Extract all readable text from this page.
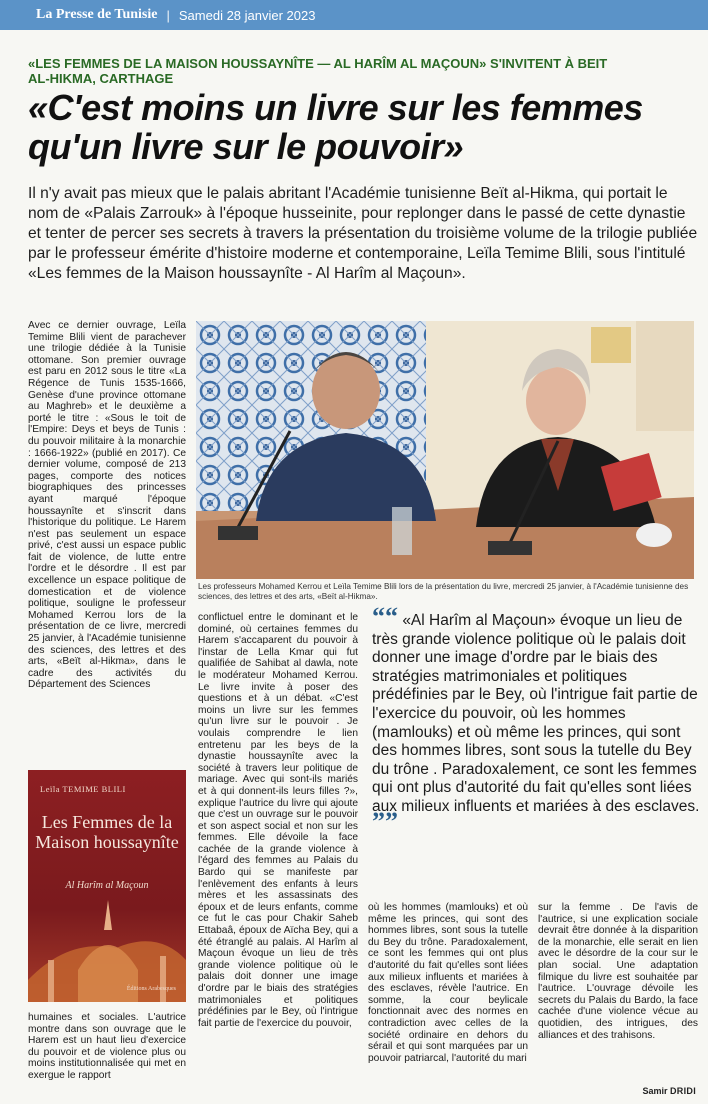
La Presse de Tunisie | Samedi 28 janvier 2023
«LES FEMMES DE LA MAISON HOUSSAYNÎTE — AL HARÎM AL MAÇOUN» S'INVITENT À BEIT AL-HIKMA, CARTHAGE
«C'est moins un livre sur les femmes qu'un livre sur le pouvoir»

Il n'y avait pas mieux que le palais abritant l'Académie tunisienne Beït al-Hikma, qui portait le nom de «Palais Zarrouk» à l'époque husseinite, pour replonger dans le passé de cette dynastie et tenter de percer ses secrets à travers la présentation du troisième volume de la trilogie publiée par le professeur émérite d'histoire moderne et contemporaine, Leïla Temime Blili, sous l'intitulé «Les femmes de la Maison houssaynîte - Al Harîm al Maçoun».

Avec ce dernier ouvrage, Leïla Temime Blili vient de parachever une trilogie dédiée à la Tunisie ottomane. Son premier ouvrage est paru en 2012 sous le titre «La Régence de Tunis 1535-1666, Genèse d'une province ottomane au Maghreb» et le deuxième a porté le titre : «Sous le toit de l'Empire: Deys et beys de Tunis : du pouvoir militaire à la monarchie : 1666-1922» (publié en 2017). Ce dernier volume, composé de 213 pages, comporte des notices biographiques des princesses ayant marqué l'époque houssaynîte et s'inscrit dans l'historique du politique. Le Harem n'est pas seulement un espace privé, c'est aussi un espace public fait de violence, de lutte entre l'ordre et le désordre . Il est par excellence un espace politique de domestication et de violence politique, souligne le professeur Mohamed Kerrou lors de la présentation de ce livre, mercredi 25 janvier, à l'Académie tunisienne des sciences, des lettres et des arts, «Beït al-Hikma», dans le cadre des activités du Département des Sciences

Les professeurs Mohamed Kerrou et Leïla Temime Blili lors de la présentation du livre, mercredi 25 janvier, à l'Académie tunisienne des sciences, des lettres et des arts, «Beït al-Hikma».

conflictuel entre le dominant et le dominé, où certaines femmes du Harem s'accaparent du pouvoir à l'instar de Lella Kmar qui fut qualifiée de Sahibat al dawla, note le modérateur Mohamed Kerrou. Le livre invite à poser des questions et à un débat. «C'est moins un livre sur les femmes qu'un livre sur le pouvoir . Je voulais comprendre le lien entretenu par les beys de la dynastie houssaynîte avec la société à travers leur politique de mariage. Avec qui sont-ils mariés et à qui donnent-ils leurs filles ?», explique l'autrice du livre qui ajoute que c'est un ouvrage sur le pouvoir et son aspect social et non sur les femmes. Elle dévoile la face cachée de la grande violence à l'égard des femmes au Palais du Bardo qui se manifeste par l'enlèvement des enfants à leurs mères et les assassinats des époux et de leurs enfants, comme ce fut le cas pour Chakir Saheb Ettabaâ, époux de Aïcha Bey, qui a été étranglé au palais. Al Harîm al Maçoun évoque un lieu de très grande violence politique où le palais doit donner une image d'ordre par le biais des stratégies matrimoniales et politiques prédéfinies par le Bey, où l'intrigue fait partie de l'exercice du pouvoir,

““ «Al Harîm al Maçoun» évoque un lieu de très grande violence politique où le palais doit donner une image d'ordre par le biais des stratégies matrimoniales et politiques prédéfinies par le Bey, où l'intrigue fait partie de l'exercice du pouvoir, où les hommes (mamlouks) et où même les princes, qui sont des hommes libres, sont sous la tutelle du Bey du trône . Paradoxalement, ce sont les femmes qui ont plus d'autorité du fait qu'elles sont liées aux milieux influents et mariées à des esclaves. ””
Leïla TEMIME BLILI
Les Femmes de la Maison houssaynîte
Al Harîm al Maçoun
Éditions Arabesques

humaines et sociales. L'autrice montre dans son ouvrage que le Harem est un haut lieu d'exercice du pouvoir et de violence plus ou moins institutionnalisée qui met en exergue le rapport

où les hommes (mamlouks) et où même les princes, qui sont des hommes libres, sont sous la tutelle du Bey du trône. Paradoxalement, ce sont les femmes qui ont plus d'autorité du fait qu'elles sont liées aux milieux influents et mariées à des esclaves, révèle l'autrice. En somme, la cour beylicale fonctionnait avec des normes en contradiction avec celles de la société ordinaire en dehors du sérail et qui sont marquées par un pouvoir patriarcal, l'autorité du mari

sur la femme . De l'avis de l'autrice, si une explication sociale devrait être donnée à la disparition de la monarchie, elle serait en lien avec le désordre de la cour sur le plan social. Une adaptation filmique du livre est souhaitée par l'autrice. L'ouvrage dévoile les secrets du Palais du Bardo, la face cachée d'une violence vécue au quotidien, des intrigues, des alliances et des trahisons.

Samir DRIDI
